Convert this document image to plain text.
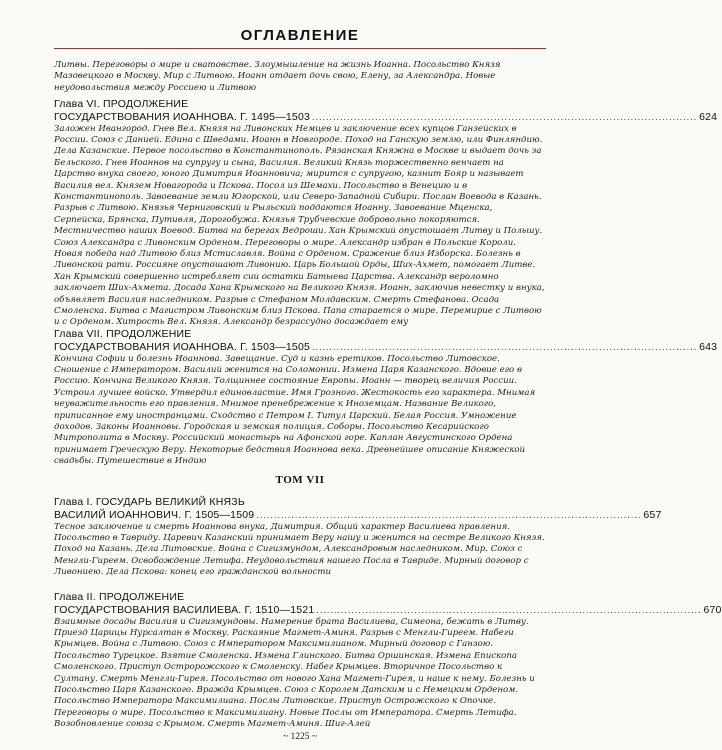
ОГЛАВЛЕНИЕ

Литвы. Переговоры о мире и сватовстве. Злоумышление на жизнь Иоанна. Посольство Князя Мазовецкого в Москву. Мир с Литвою. Иоанн отдает дочь свою, Елену, за Александра. Новые неудовольствия между Россиею и Литвою

Глава VI. ПРОДОЛЖЕНИЕ
ГОСУДАРСТВОВАНИЯ ИОАННОВА. Г. 1495—1503 .............................................................................................................. 624
Заложен Ивангород. Гнев Вел. Князя на Ливонских Немцев и заключение всех купцов Ганзейских в России. Союз с Данией. Едина с Шведами. Иоанн в Новгороде. Поход на Ганскую землю, или Финляндию. Дела Казанские. Первое посольство в Константинополь. Рязанская Княжна в Москве и выдает дочь за Бельского. Гнев Иоаннов на супругу и сына, Василия. Великий Князь торжественно венчает на Царство внука своего, юного Димитрия Иоанновича; мирится с супругою, казнит Бояр и называет Василия вел. Князем Новагорода и Пскова. Посол из Шемахи. Посольство в Венецию и в Константинополь. Завоевание земли Югорской, или Северо-Западной Сибири. Послан Воевода в Казань. Разрыв с Литвою. Князья Черниговский и Рыльский поддаются Иоанну. Завоевание Мценска, Серпейска, Брянска, Путивля, Дорогобужа. Князья Трубчевские добровольно покоряются. Местничество наших Воевод. Битва на берегах Ведроши. Хан Крымский опустошает Литву и Польшу. Союз Александра с Ливонским Орденом. Переговоры о мире. Александр избран в Польские Короли. Новая победа над Литвою близ Мстиславля. Война с Орденом. Сражение близ Изборска. Болезнь в Ливонской рати. Россияне опустошают Ливонию. Царь Большой Орды, Ших-Ахмет, помогает Литве. Хан Крымский совершенно истребляет сии остатки Батыева Царства. Александр вероломно заключает Ших-Ахмета. Досада Хана Крымского на Великого Князя. Иоанн, заключив невестку и внука, объявляет Василия наследником. Разрыв с Стефаном Молдавским. Смерть Стефанова. Осада Смоленска. Битва с Магистром Ливонским близ Пскова. Папа старается о мире. Перемирие с Литвою и с Орденом. Хитрость Вел. Князя. Александр безрассудно досаждает ему
Глава VII. ПРОДОЛЖЕНИЕ
ГОСУДАРСТВОВАНИЯ ИОАННОВА. Г. 1503—1505 .............................................................................................................. 643
Кончина Софии и болезнь Иоаннова. Завещание. Суд и казнь еретиков. Посольство Литовское. Сношение с Императором. Василий женится на Соломонии. Измена Царя Казанского. Вдовие его в Россию. Кончина Великого Князя. Толщиннее состояние Европы. Иоанн — творец величия России. Устроил лучшее войско. Утвердил единовластие. Имя Грозного. Жестокость его характера. Мнимая неуважительность его правления. Мнимое пренебрежение к Иноземцам. Название Великого, приписанное ему иностранцами. Сходство с Петром I. Титул Царский. Белая Россия. Умножение доходов. Законы Иоанновы. Городская и земская полиция. Соборы. Посольство Кесарийского Митрополита в Москву. Российский монастырь на Афонской горе. Каплан Августинского Ордена принимает Греческую Веру. Некоторые бедствия Иоаннова века. Древнейшее описание Княжеской свадьбы. Путешествие в Индию
ТОМ VII
Глава I. ГОСУДАРЬ ВЕЛИКИЙ КНЯЗЬ
ВАСИЛИЙ ИОАННОВИЧ. Г. 1505—1509 .............................................................................................................. 657
Тесное заключение и смерть Иоаннова внука, Димитрия. Общий характер Василиева правления. Посольство в Тавриду. Царевич Казанский принимает Веру нашу и женится на сестре Великого Князя. Поход на Казань. Дела Литовские. Война с Сигизмундом, Александровым наследником. Мир. Союз с Менгли-Гиреем. Освобождение Летифа. Неудовольствия нашего Посла в Тавриде. Мирный договор с Ливониею. Дела Пскова: конец его гражданской вольности
Глава II. ПРОДОЛЖЕНИЕ
ГОСУДАРСТВОВАНИЯ ВАСИЛИЕВА. Г. 1510—1521 .............................................................................................................. 670
Взаимные досады Василия и Сигизмундовы. Намерение брата Василиева, Симеона, бежать в Литву. Приезд Царицы Нурсалтан в Москву. Раскаяние Магмет-Аминя. Разрыв с Менгли-Гиреем. Набеги Крымцев. Война с Литвою. Союз с Императором Максимилианом. Мирный договор с Ганзою. Посольство Турецкое. Взятие Смоленска. Измена Глинского. Битва Оршинская. Измена Епископа Смоленского. Приступ Остророжского к Смоленску. Набег Крымцев. Вторичное Посольство к Султану. Смерть Менгли-Гирея. Посольство от нового Хана Магмет-Гирея, и наше к нему. Болезнь и Посольство Царя Казанского. Вражда Крымцев. Союз с Королем Датским и с Немецким Орденом. Посольство Императора Максимилиана. Послы Литовские. Приступ Острожского к Опочке. Переговоры о мире. Посольство к Максимилиану. Новые Послы от Императора. Смерть Летифа. Возобновление союза с Крымом. Смерть Магмет-Аминя. Шиг-Алей
~ 1225 ~
